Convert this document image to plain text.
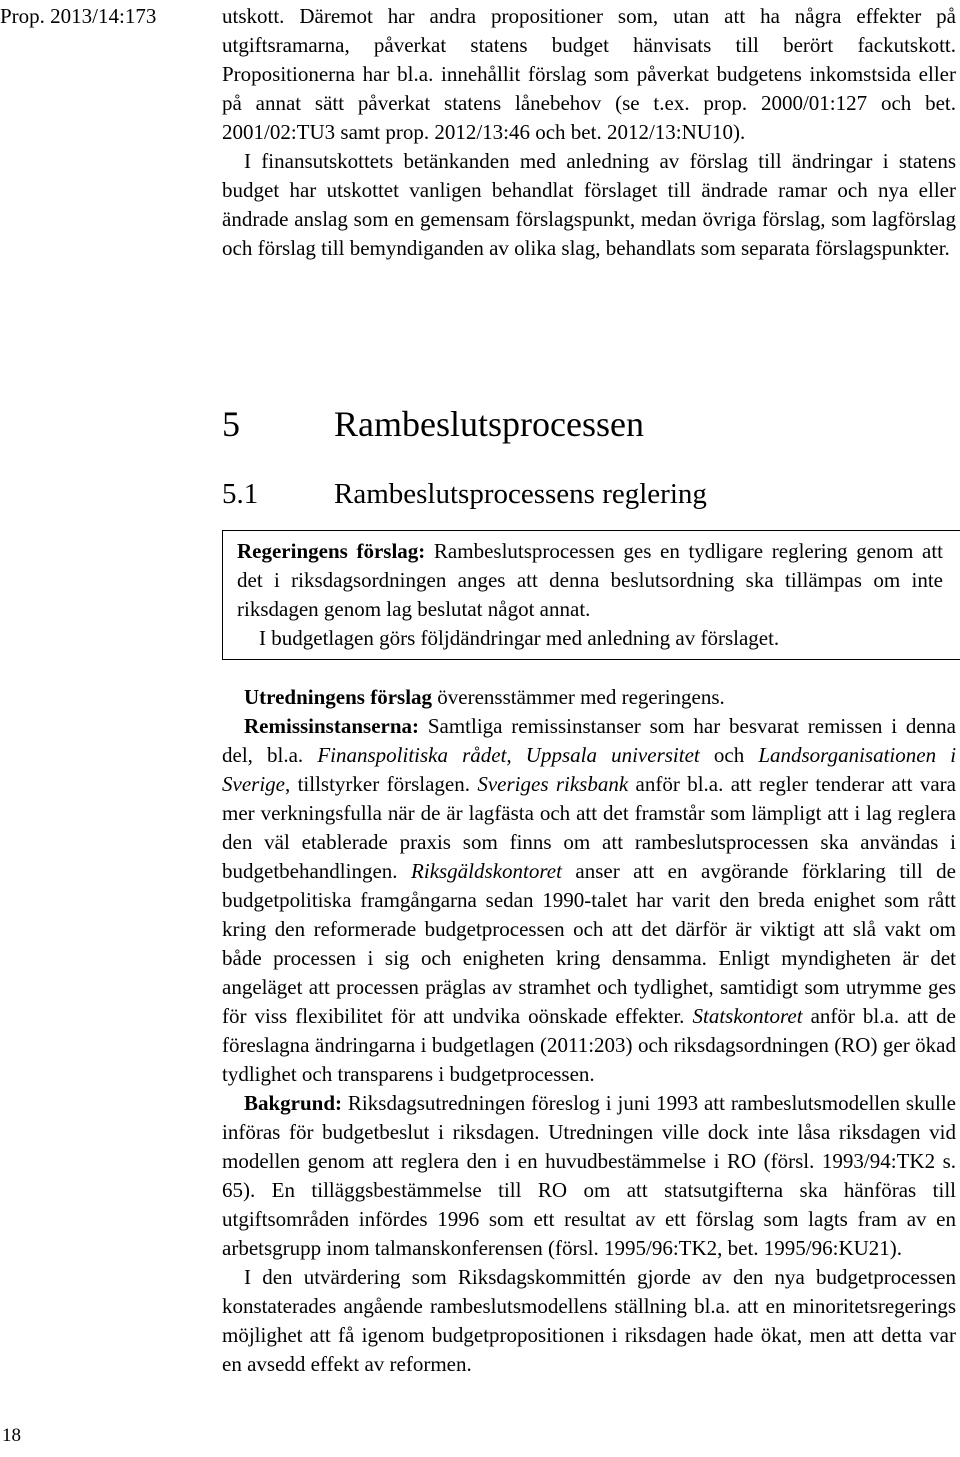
Prop. 2013/14:173

18

utskott. Däremot har andra propositioner som, utan att ha några effekter på utgiftsramarna, påverkat statens budget hänvisats till berört fackutskott. Propositionerna har bl.a. innehållit förslag som påverkat budgetens inkomstsida eller på annat sätt påverkat statens lånebehov (se t.ex. prop. 2000/01:127 och bet. 2001/02:TU3 samt prop. 2012/13:46 och bet. 2012/13:NU10).

I finansutskottets betänkanden med anledning av förslag till ändringar i statens budget har utskottet vanligen behandlat förslaget till ändrade ramar och nya eller ändrade anslag som en gemensam förslagspunkt, medan övriga förslag, som lagförslag och förslag till bemyndiganden av olika slag, behandlats som separata förslagspunkter.

5	Rambeslutsprocessen
5.1	Rambeslutsprocessens reglering

Regeringens förslag: Rambeslutsprocessen ges en tydligare reglering genom att det i riksdagsordningen anges att denna beslutsordning ska tillämpas om inte riksdagen genom lag beslutat något annat.

I budgetlagen görs följdändringar med anledning av förslaget.

Utredningens förslag överensstämmer med regeringens.

Remissinstanserna: Samtliga remissinstanser som har besvarat remissen i denna del, bl.a. Finanspolitiska rådet, Uppsala universitet och Landsorganisationen i Sverige, tillstyrker förslagen. Sveriges riksbank anför bl.a. att regler tenderar att vara mer verkningsfulla när de är lagfästa och att det framstår som lämpligt att i lag reglera den väl etablerade praxis som finns om att rambeslutsprocessen ska användas i budgetbehandlingen. Riksgäldskontoret anser att en avgörande förklaring till de budgetpolitiska framgångarna sedan 1990-talet har varit den breda enighet som rått kring den reformerade budgetprocessen och att det därför är viktigt att slå vakt om både processen i sig och enigheten kring densamma. Enligt myndigheten är det angeläget att processen präglas av stramhet och tydlighet, samtidigt som utrymme ges för viss flexibilitet för att undvika oönskade effekter. Statskontoret anför bl.a. att de föreslagna ändringarna i budgetlagen (2011:203) och riksdagsordningen (RO) ger ökad tydlighet och transparens i budgetprocessen.

Bakgrund: Riksdagsutredningen föreslog i juni 1993 att rambeslutsmodellen skulle införas för budgetbeslut i riksdagen. Utredningen ville dock inte låsa riksdagen vid modellen genom att reglera den i en huvudbestämmelse i RO (försl. 1993/94:TK2 s. 65). En tilläggsbestämmelse till RO om att statsutgifterna ska hänföras till utgiftsområden infördes 1996 som ett resultat av ett förslag som lagts fram av en arbetsgrupp inom talmanskonferensen (försl. 1995/96:TK2, bet. 1995/96:KU21).

I den utvärdering som Riksdagskommittén gjorde av den nya budgetprocessen konstaterades angående rambeslutsmodellens ställning bl.a. att en minoritetsregerings möjlighet att få igenom budgetpropositionen i riksdagen hade ökat, men att detta var en avsedd effekt av reformen.
